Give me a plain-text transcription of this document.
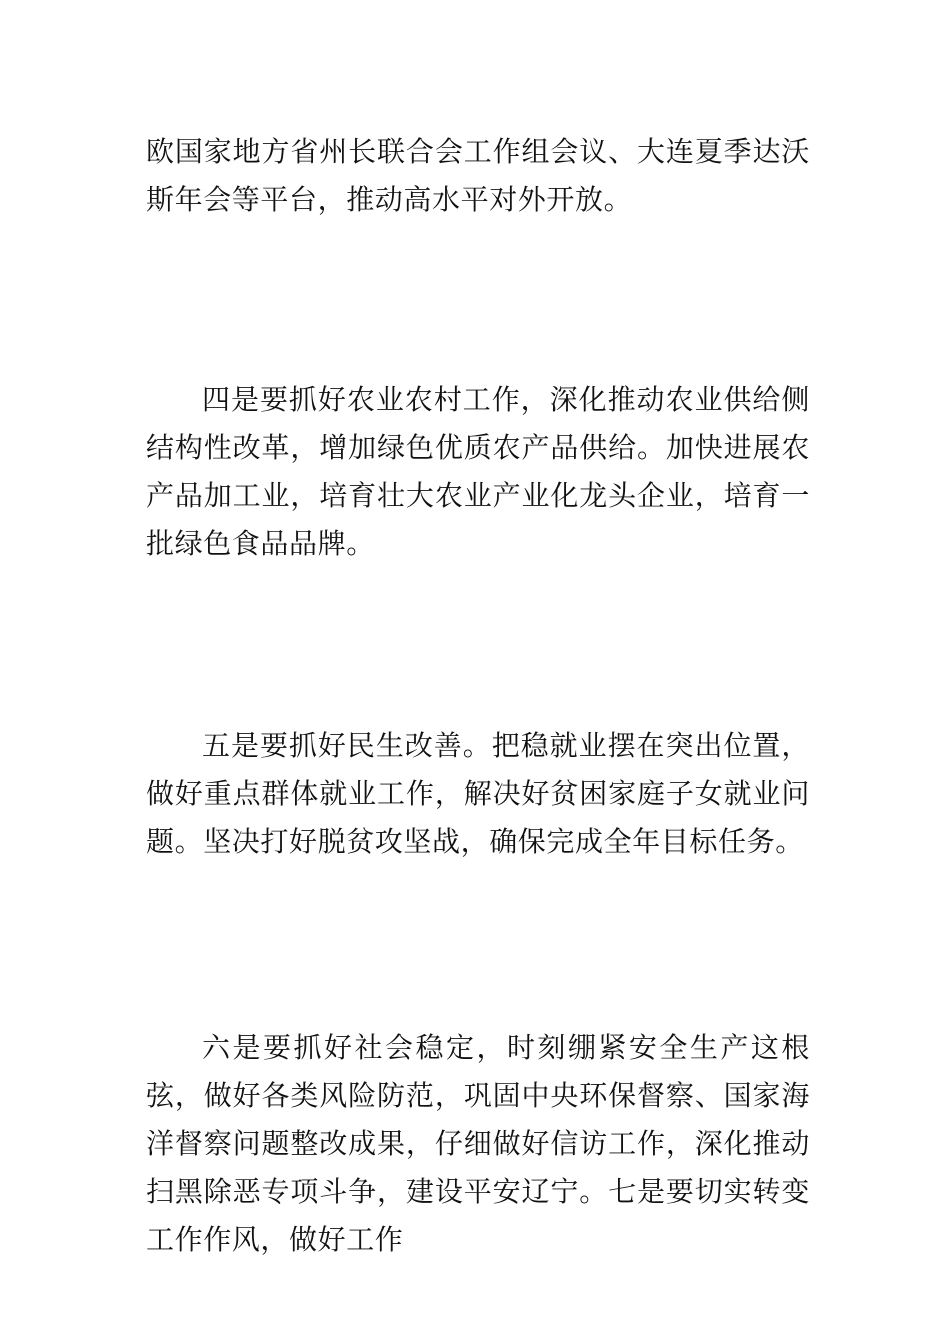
欧国家地方省州长联合会工作组会议、大连夏季达沃斯年会等平台，推动高水平对外开放。

四是要抓好农业农村工作，深化推动农业供给侧结构性改革，增加绿色优质农产品供给。加快进展农产品加工业，培育壮大农业产业化龙头企业，培育一批绿色食品品牌。

五是要抓好民生改善。把稳就业摆在突出位置，做好重点群体就业工作，解决好贫困家庭子女就业问题。坚决打好脱贫攻坚战，确保完成全年目标任务。

六是要抓好社会稳定，时刻绷紧安全生产这根弦，做好各类风险防范，巩固中央环保督察、国家海洋督察问题整改成果，仔细做好信访工作，深化推动扫黑除恶专项斗争，建设平安辽宁。七是要切实转变工作作风，做好工作
